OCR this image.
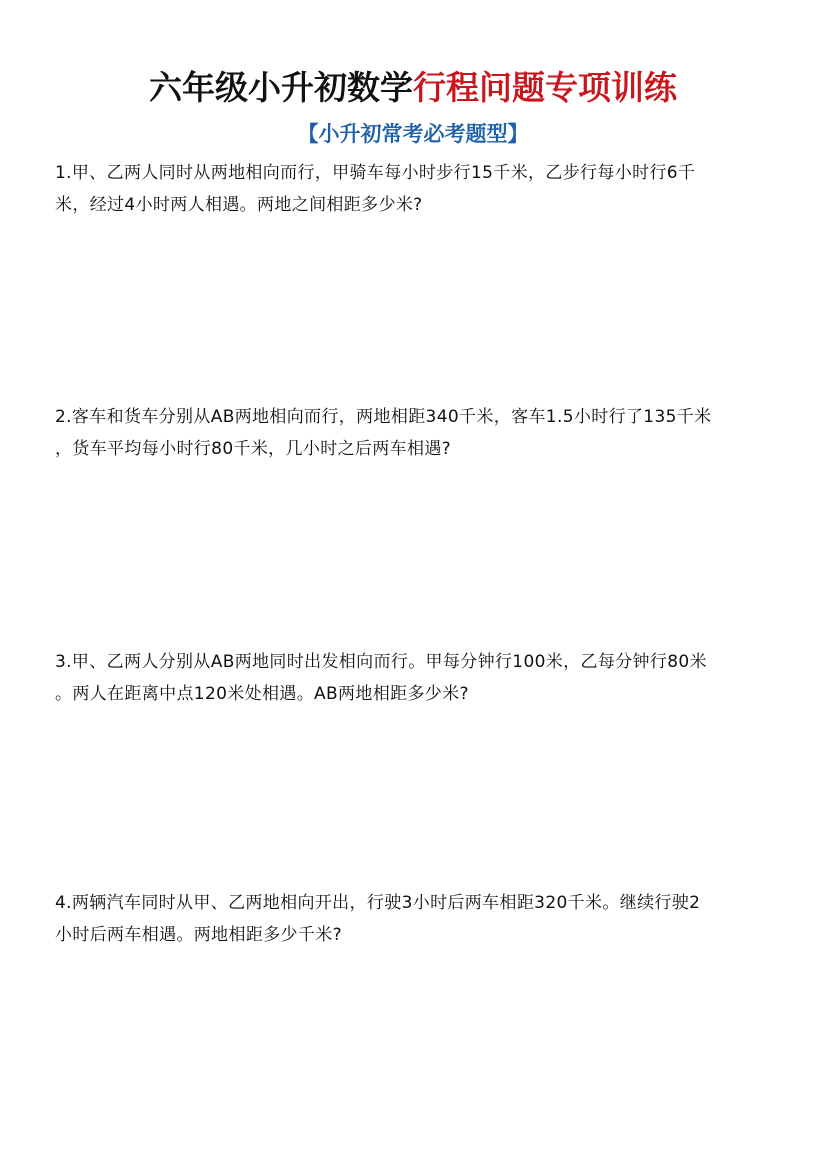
六年级小升初数学行程问题专项训练
【小升初常考必考题型】
1.甲、乙两人同时从两地相向而行，甲骑车每小时步行15千米，乙步行每小时行6千
米，经过4小时两人相遇。两地之间相距多少米?
2.客车和货车分别从AB两地相向而行，两地相距340千米，客车1.5小时行了135千米
，货车平均每小时行80千米，几小时之后两车相遇?
3.甲、乙两人分别从AB两地同时出发相向而行。甲每分钟行100米，乙每分钟行80米
。两人在距离中点120米处相遇。AB两地相距多少米?
4.两辆汽车同时从甲、乙两地相向开出，行驶3小时后两车相距320千米。继续行驶2
小时后两车相遇。两地相距多少千米?
